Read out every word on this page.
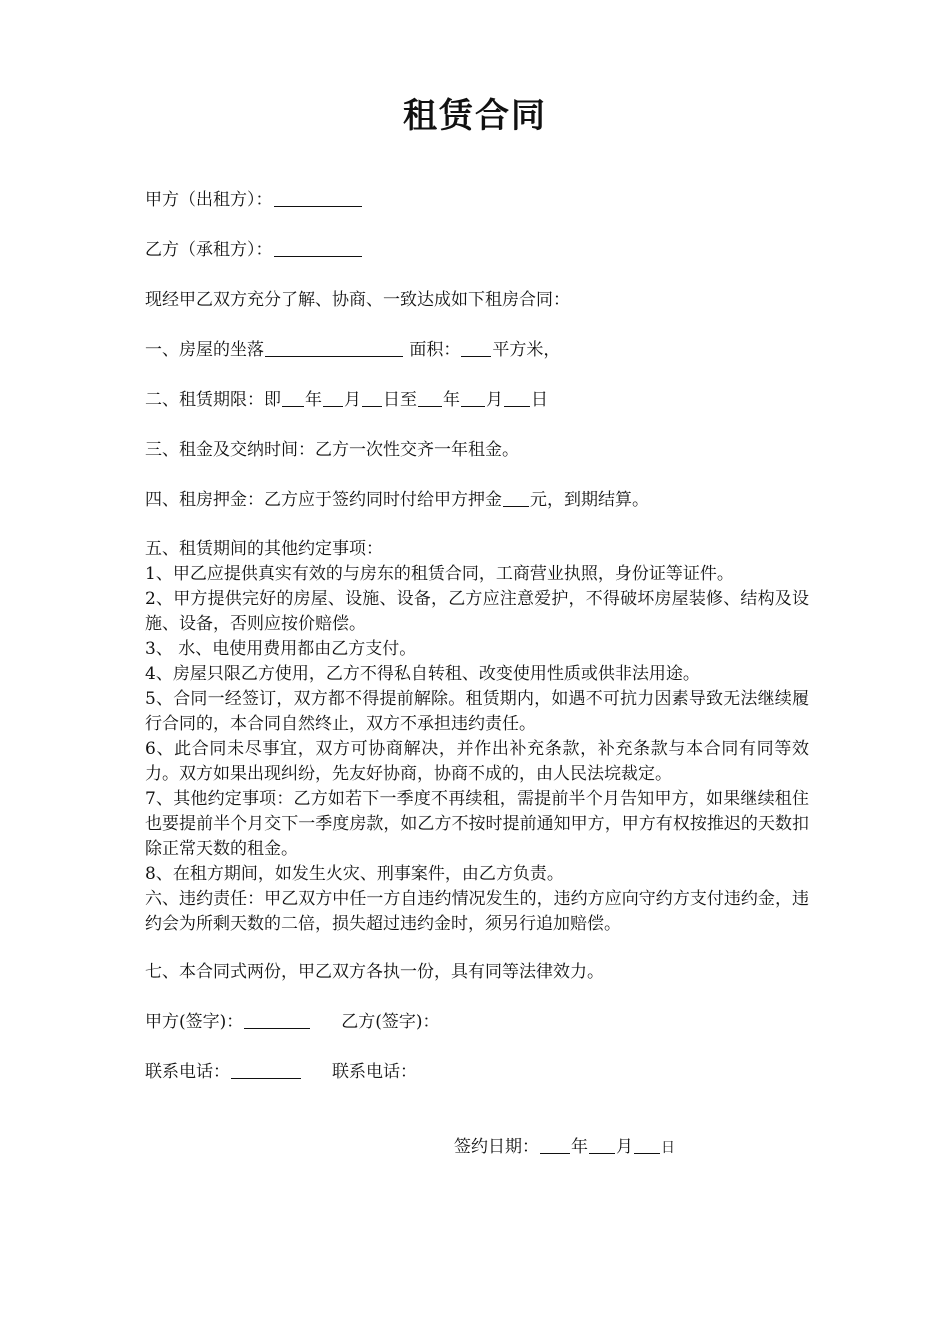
租赁合同
甲方（出租方）：
乙方（承租方）：
现经甲乙双方充分了解、协商、一致达成如下租房合同：
一、房屋的坐落	面积： 平方米，
二、租赁期限：即 年 月 日至 年 月 日
三、租金及交纳时间：乙方一次性交齐一年租金。
四、租房押金：乙方应于签约同时付给甲方押金 元，到期结算。

五、租赁期间的其他约定事项：

1、甲乙应提供真实有效的与房东的租赁合同，工商营业执照，身份证等证件。

2、甲方提供完好的房屋、设施、设备，乙方应注意爱护，不得破坏房屋装修、结构及设施、设备，否则应按价赔偿。

3、 水、电使用费用都由乙方支付。

4、房屋只限乙方使用，乙方不得私自转租、改变使用性质或供非法用途。

5、合同一经签订，双方都不得提前解除。租赁期内，如遇不可抗力因素导致无法继续履行合同的，本合同自然终止，双方不承担违约责任。

6、此合同未尽事宜，双方可协商解决，并作出补充条款，补充条款与本合同有同等效力。双方如果出现纠纷，先友好协商，协商不成的，由人民法垸裁定。

7、其他约定事项：乙方如若下一季度不再续租，需提前半个月告知甲方，如果继续租住也要提前半个月交下一季度房款，如乙方不按时提前通知甲方，甲方有权按推迟的天数扣除正常天数的租金。

8、在租方期间，如发生火灾、刑事案件，由乙方负责。

六、违约责任：甲乙双方中任一方自违约情况发生的，违约方应向守约方支付违约金，违约会为所剩天数的二倍，损失超过违约金时，须另行追加赔偿。

七、本合同式两份，甲乙双方各执一份，具有同等法律效力。
甲方(签字)：	乙方(签字)：
联系电话：	联系电话：
签约日期： 年 月 日
